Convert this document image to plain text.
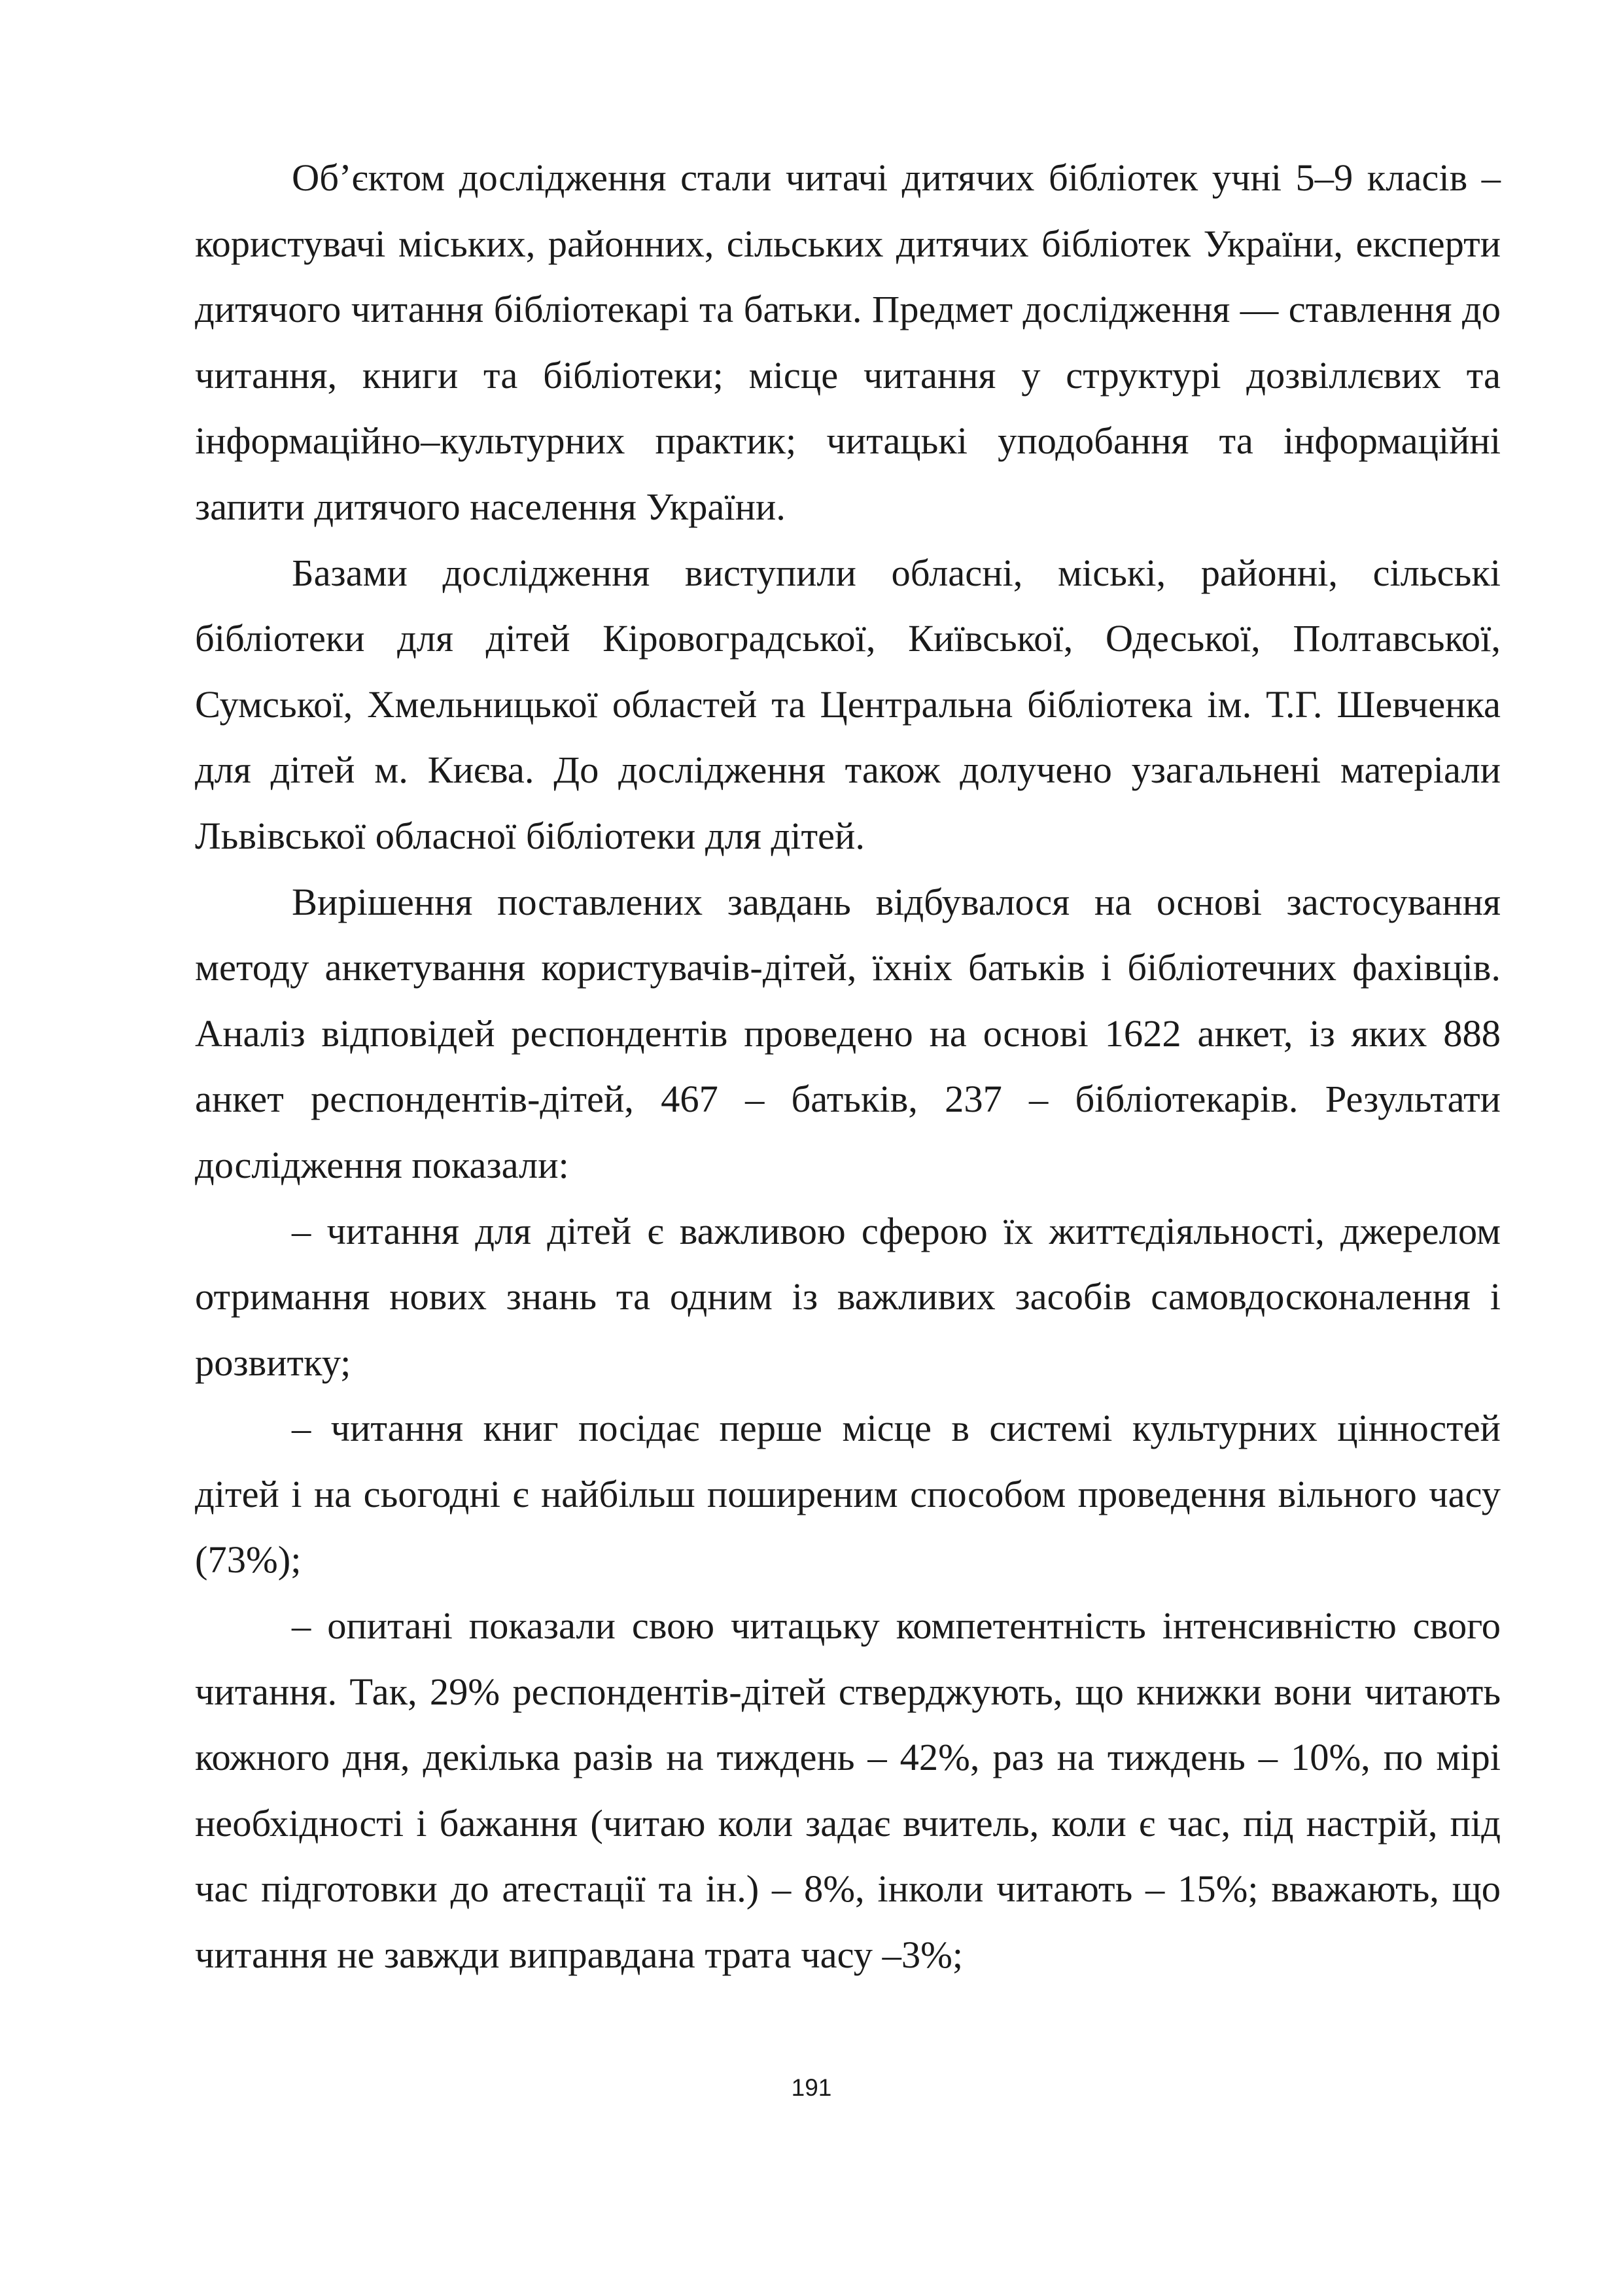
Об’єктом дослідження стали читачі дитячих бібліотек учні 5–9 класів – користувачі міських, районних, сільських дитячих бібліотек України, експерти дитячого читання бібліотекарі та батьки. Предмет дослідження — ставлення до читання, книги та бібліотеки; місце читання у структурі дозвіллєвих та інформаційно–культурних практик; читацькі уподобання та інформаційні запити дитячого населення України.

Базами дослідження виступили обласні, міські, районні, сільські бібліотеки для дітей Кіровоградської, Київської, Одеської, Полтавської, Сумської, Хмельницької областей та Центральна бібліотека ім. Т.Г. Шевченка для дітей м. Києва. До дослідження також долучено узагальнені матеріали Львівської обласної бібліотеки для дітей.

Вирішення поставлених завдань відбувалося на основі застосування методу анкетування користувачів-дітей, їхніх батьків і бібліотечних фахівців. Аналіз відповідей респондентів проведено на основі 1622 анкет, із яких 888 анкет респондентів-дітей, 467 – батьків, 237 – бібліотекарів. Результати дослідження показали:

– читання для дітей є важливою сферою їх життєдіяльності, джерелом отримання нових знань та одним із важливих засобів самовдосконалення і розвитку;

– читання книг посідає перше місце в системі культурних цінностей дітей і на сьогодні є найбільш поширеним способом проведення вільного часу (73%);

– опитані показали свою читацьку компетентність інтенсивністю свого читання. Так, 29% респондентів-дітей стверджують, що книжки вони читають кожного дня, декілька разів на тиждень – 42%, раз на тиждень – 10%, по мірі необхідності і бажання (читаю коли задає вчитель, коли є час, під настрій, під час підготовки до атестації та ін.) – 8%, інколи читають – 15%; вважають, що читання не завжди виправдана трата часу –3%;

191
